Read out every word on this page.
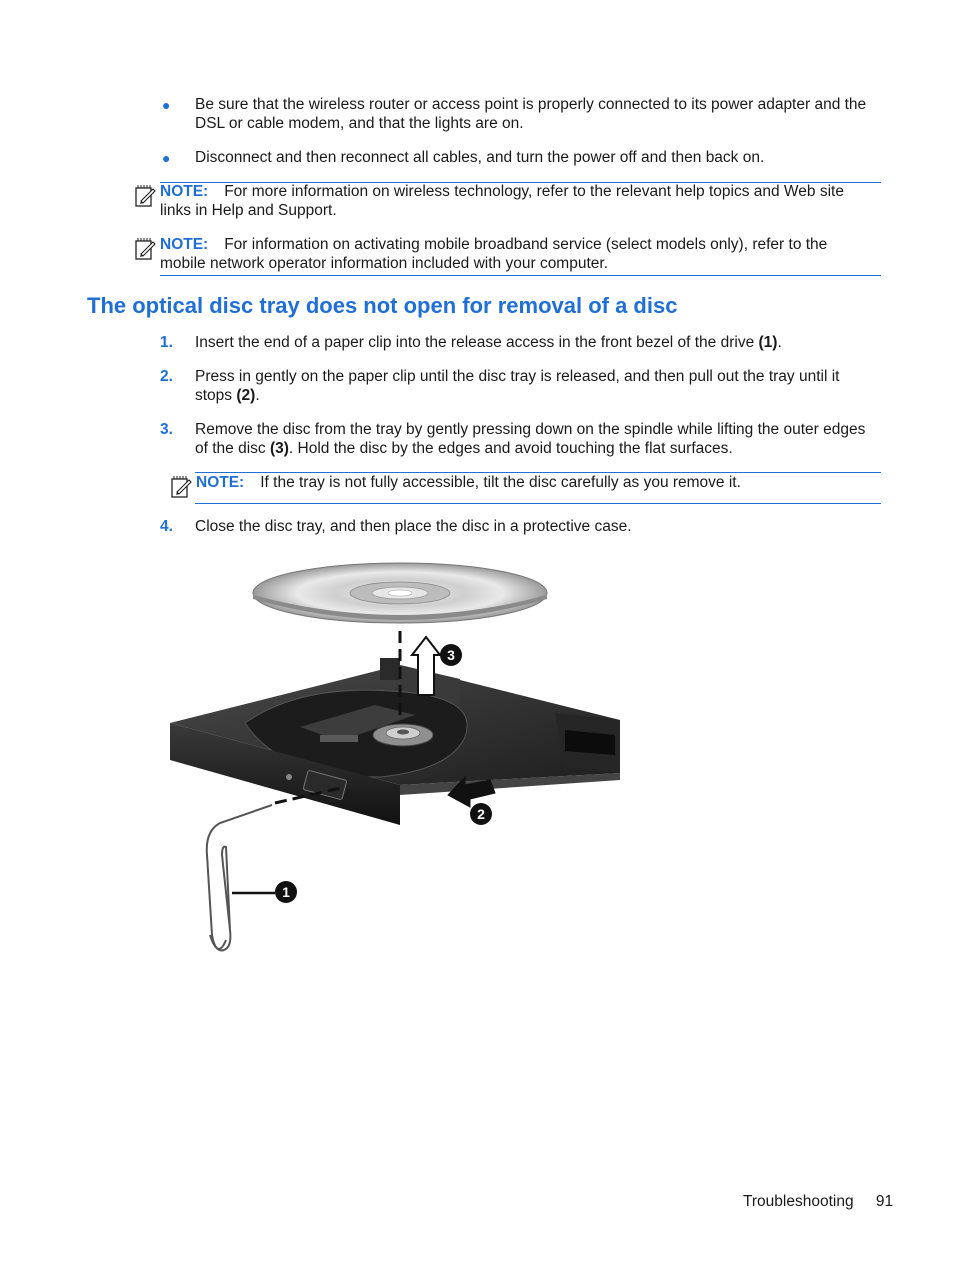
● Be sure that the wireless router or access point is properly connected to its power adapter and the DSL or cable modem, and that the lights are on.
● Disconnect and then reconnect all cables, and turn the power off and then back on.
NOTE: For more information on wireless technology, refer to the relevant help topics and Web site links in Help and Support.
NOTE: For information on activating mobile broadband service (select models only), refer to the mobile network operator information included with your computer.
The optical disc tray does not open for removal of a disc
1. Insert the end of a paper clip into the release access in the front bezel of the drive (1).
2. Press in gently on the paper clip until the disc tray is released, and then pull out the tray until it stops (2).
3. Remove the disc from the tray by gently pressing down on the spindle while lifting the outer edges of the disc (3). Hold the disc by the edges and avoid touching the flat surfaces.
NOTE: If the tray is not fully accessible, tilt the disc carefully as you remove it.
4. Close the disc tray, and then place the disc in a protective case.
3
2
1
Troubleshooting 91
